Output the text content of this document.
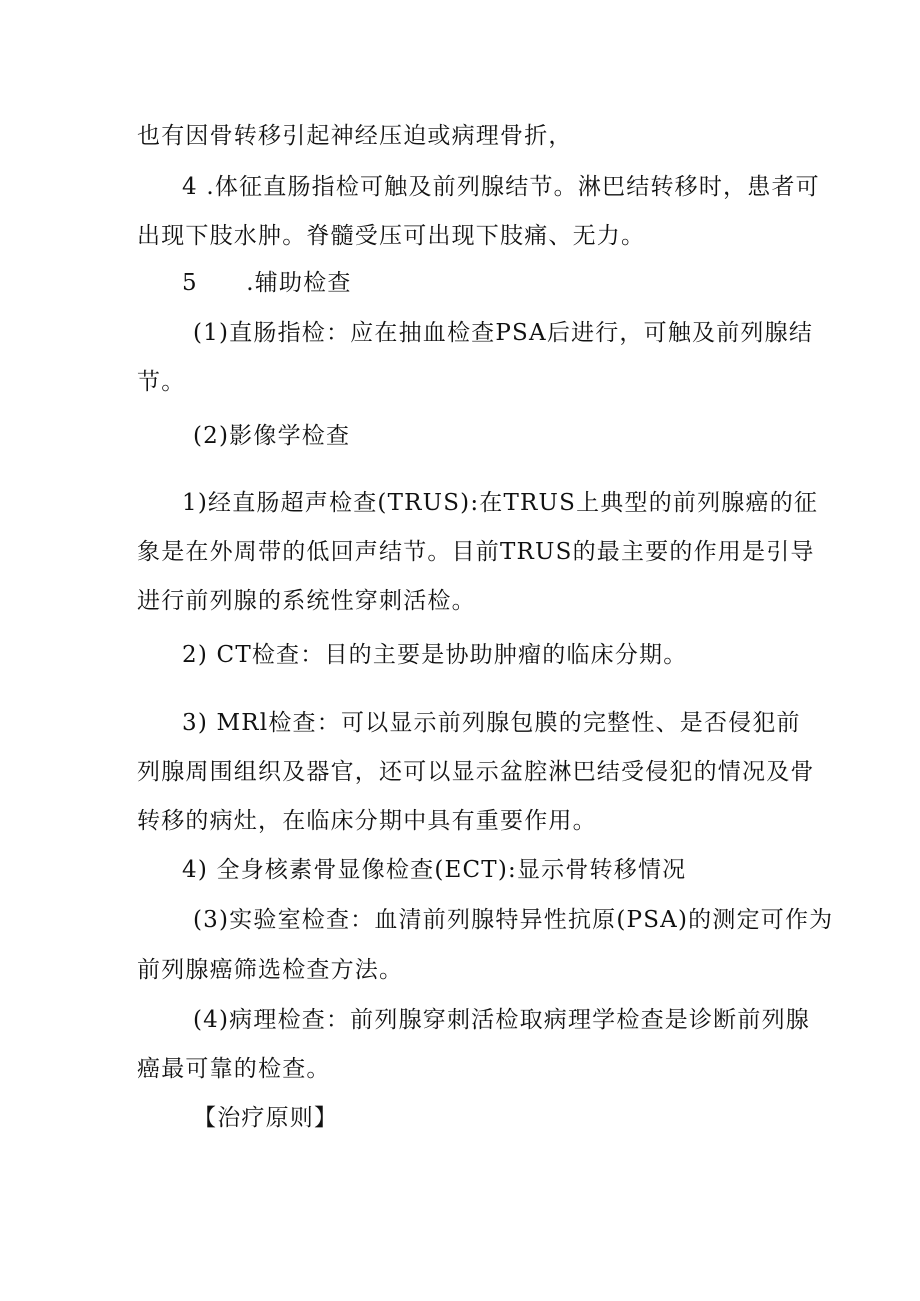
也有因骨转移引起神经压迫或病理骨折，
4 .体征直肠指检可触及前列腺结节。淋巴结转移时，患者可
出现下肢水肿。脊髓受压可出现下肢痛、无力。
5　　.辅助检查
(1)直肠指检：应在抽血检查PSA后进行，可触及前列腺结
节。
(2)影像学检查
1)经直肠超声检查(TRUS):在TRUS上典型的前列腺癌的征
象是在外周带的低回声结节。目前TRUS的最主要的作用是引导
进行前列腺的系统性穿刺活检。
2) CT检查：目的主要是协助肿瘤的临床分期。
3) MRl检查：可以显示前列腺包膜的完整性、是否侵犯前
列腺周围组织及器官，还可以显示盆腔淋巴结受侵犯的情况及骨
转移的病灶，在临床分期中具有重要作用。
4) 全身核素骨显像检查(ECT):显示骨转移情况
(3)实验室检查：血清前列腺特异性抗原(PSA)的测定可作为
前列腺癌筛选检查方法。
(4)病理检查：前列腺穿刺活检取病理学检查是诊断前列腺
癌最可靠的检查。
【治疗原则】
